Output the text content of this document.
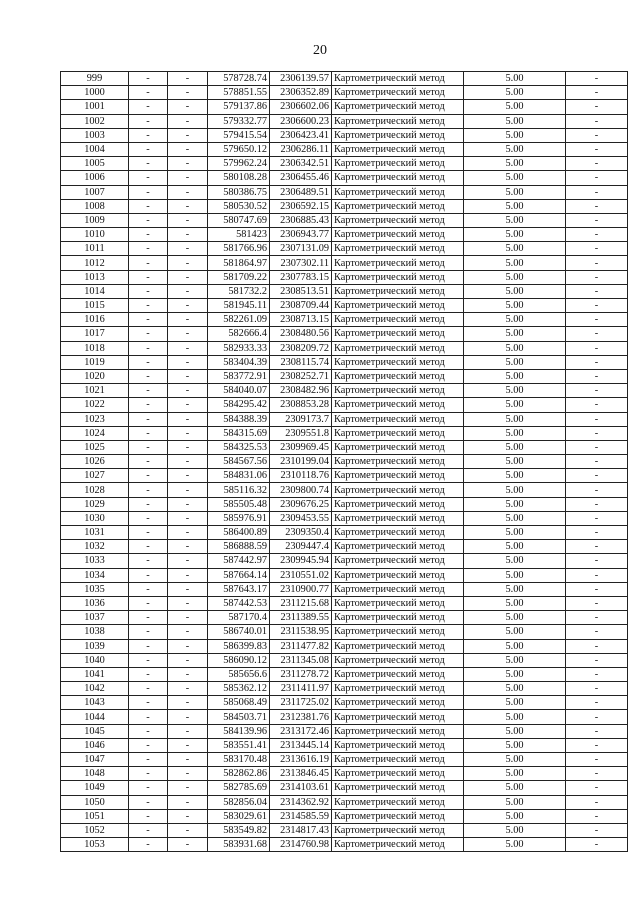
20
999	-	-	578728.74	2306139.57	Картометрический метод	5.00	-
1000	-	-	578851.55	2306352.89	Картометрический метод	5.00	-
1001	-	-	579137.86	2306602.06	Картометрический метод	5.00	-
1002	-	-	579332.77	2306600.23	Картометрический метод	5.00	-
1003	-	-	579415.54	2306423.41	Картометрический метод	5.00	-
1004	-	-	579650.12	2306286.11	Картометрический метод	5.00	-
1005	-	-	579962.24	2306342.51	Картометрический метод	5.00	-
1006	-	-	580108.28	2306455.46	Картометрический метод	5.00	-
1007	-	-	580386.75	2306489.51	Картометрический метод	5.00	-
1008	-	-	580530.52	2306592.15	Картометрический метод	5.00	-
1009	-	-	580747.69	2306885.43	Картометрический метод	5.00	-
1010	-	-	581423	2306943.77	Картометрический метод	5.00	-
1011	-	-	581766.96	2307131.09	Картометрический метод	5.00	-
1012	-	-	581864.97	2307302.11	Картометрический метод	5.00	-
1013	-	-	581709.22	2307783.15	Картометрический метод	5.00	-
1014	-	-	581732.2	2308513.51	Картометрический метод	5.00	-
1015	-	-	581945.11	2308709.44	Картометрический метод	5.00	-
1016	-	-	582261.09	2308713.15	Картометрический метод	5.00	-
1017	-	-	582666.4	2308480.56	Картометрический метод	5.00	-
1018	-	-	582933.33	2308209.72	Картометрический метод	5.00	-
1019	-	-	583404.39	2308115.74	Картометрический метод	5.00	-
1020	-	-	583772.91	2308252.71	Картометрический метод	5.00	-
1021	-	-	584040.07	2308482.96	Картометрический метод	5.00	-
1022	-	-	584295.42	2308853.28	Картометрический метод	5.00	-
1023	-	-	584388.39	2309173.7	Картометрический метод	5.00	-
1024	-	-	584315.69	2309551.8	Картометрический метод	5.00	-
1025	-	-	584325.53	2309969.45	Картометрический метод	5.00	-
1026	-	-	584567.56	2310199.04	Картометрический метод	5.00	-
1027	-	-	584831.06	2310118.76	Картометрический метод	5.00	-
1028	-	-	585116.32	2309800.74	Картометрический метод	5.00	-
1029	-	-	585505.48	2309676.25	Картометрический метод	5.00	-
1030	-	-	585976.91	2309453.55	Картометрический метод	5.00	-
1031	-	-	586400.89	2309350.4	Картометрический метод	5.00	-
1032	-	-	586888.59	2309447.4	Картометрический метод	5.00	-
1033	-	-	587442.97	2309945.94	Картометрический метод	5.00	-
1034	-	-	587664.14	2310551.02	Картометрический метод	5.00	-
1035	-	-	587643.17	2310900.77	Картометрический метод	5.00	-
1036	-	-	587442.53	2311215.68	Картометрический метод	5.00	-
1037	-	-	587170.4	2311389.55	Картометрический метод	5.00	-
1038	-	-	586740.01	2311538.95	Картометрический метод	5.00	-
1039	-	-	586399.83	2311477.82	Картометрический метод	5.00	-
1040	-	-	586090.12	2311345.08	Картометрический метод	5.00	-
1041	-	-	585656.6	2311278.72	Картометрический метод	5.00	-
1042	-	-	585362.12	2311411.97	Картометрический метод	5.00	-
1043	-	-	585068.49	2311725.02	Картометрический метод	5.00	-
1044	-	-	584503.71	2312381.76	Картометрический метод	5.00	-
1045	-	-	584139.96	2313172.46	Картометрический метод	5.00	-
1046	-	-	583551.41	2313445.14	Картометрический метод	5.00	-
1047	-	-	583170.48	2313616.19	Картометрический метод	5.00	-
1048	-	-	582862.86	2313846.45	Картометрический метод	5.00	-
1049	-	-	582785.69	2314103.61	Картометрический метод	5.00	-
1050	-	-	582856.04	2314362.92	Картометрический метод	5.00	-
1051	-	-	583029.61	2314585.59	Картометрический метод	5.00	-
1052	-	-	583549.82	2314817.43	Картометрический метод	5.00	-
1053	-	-	583931.68	2314760.98	Картометрический метод	5.00	-
